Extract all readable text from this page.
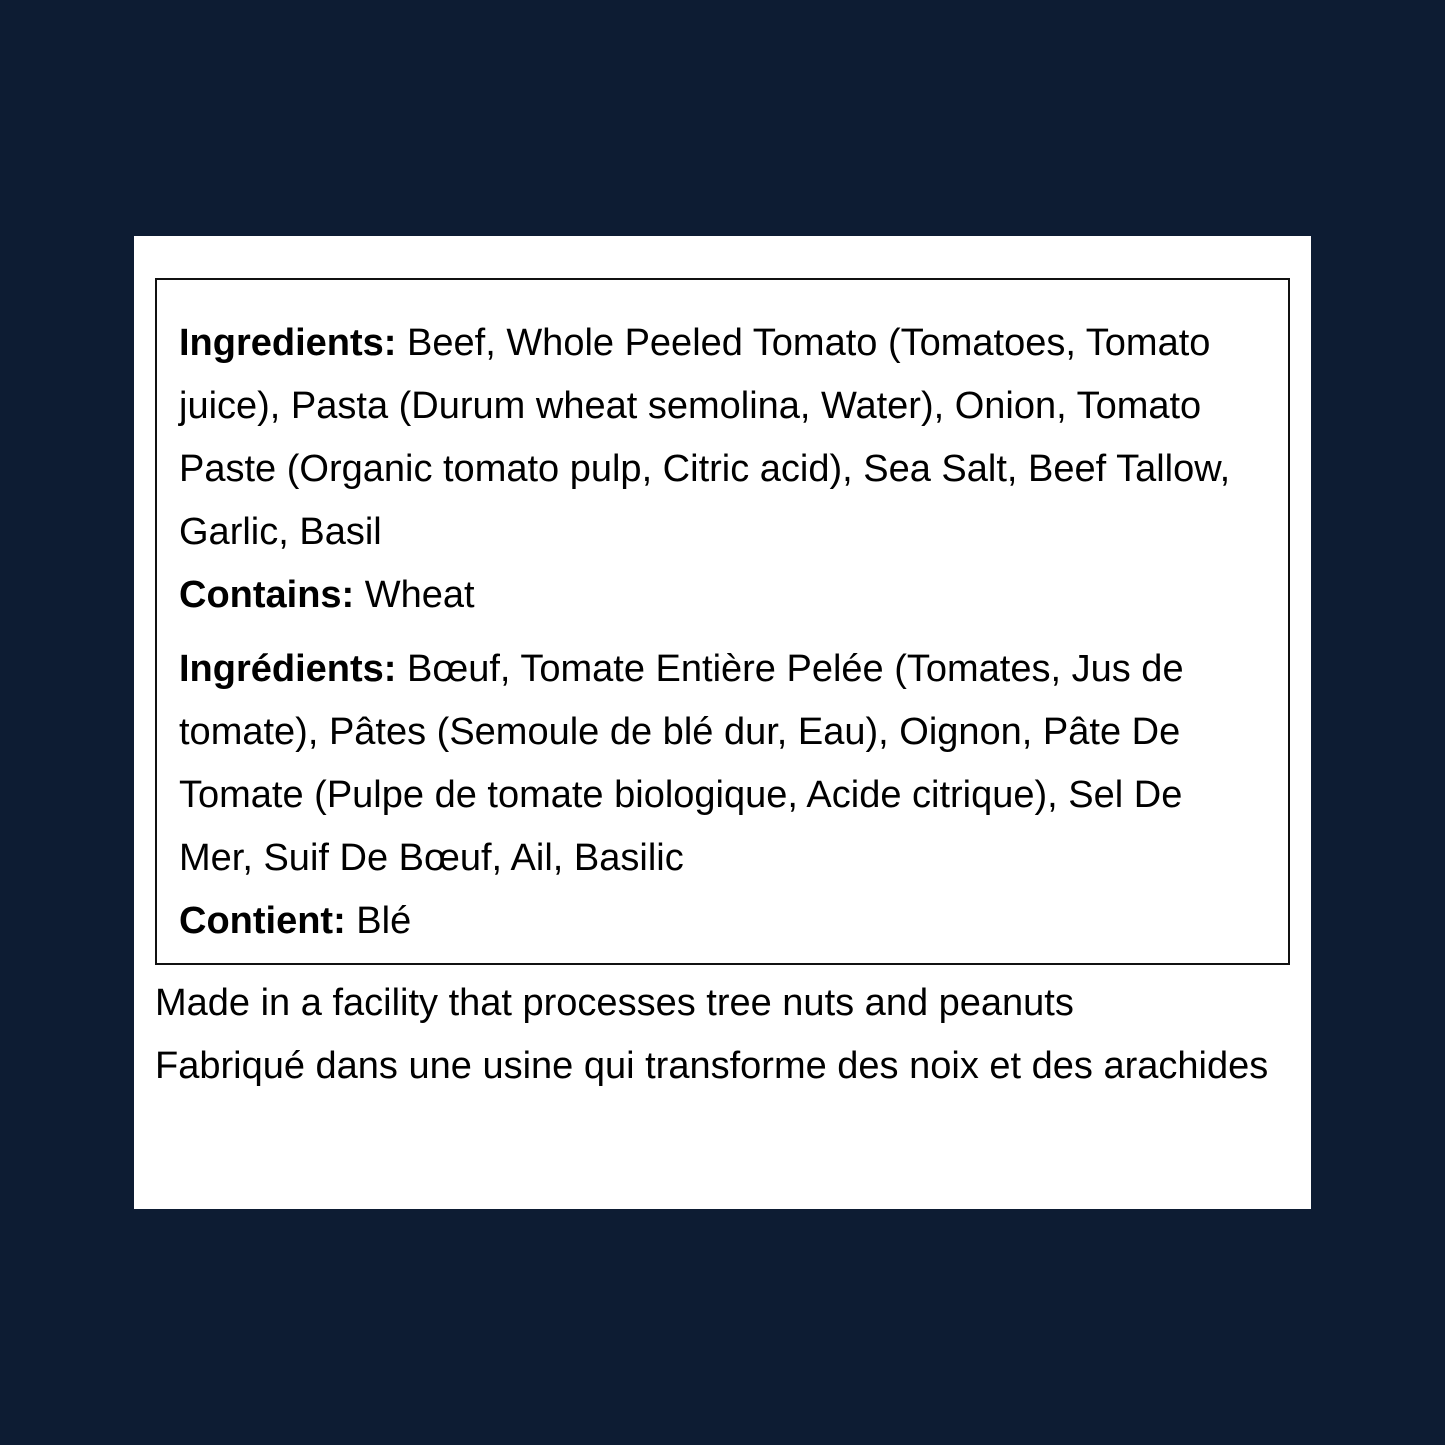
Ingredients: Beef, Whole Peeled Tomato (Tomatoes, Tomato juice), Pasta (Durum wheat semolina, Water), Onion, Tomato Paste (Organic tomato pulp, Citric acid), Sea Salt, Beef Tallow, Garlic, Basil

Contains: Wheat

Ingrédients: Bœuf, Tomate Entière Pelée (Tomates, Jus de tomate), Pâtes (Semoule de blé dur, Eau), Oignon, Pâte De Tomate (Pulpe de tomate biologique, Acide citrique), Sel De Mer, Suif De Bœuf, Ail, Basilic

Contient: Blé

Made in a facility that processes tree nuts and peanuts
Fabriqué dans une usine qui transforme des noix et des arachides
